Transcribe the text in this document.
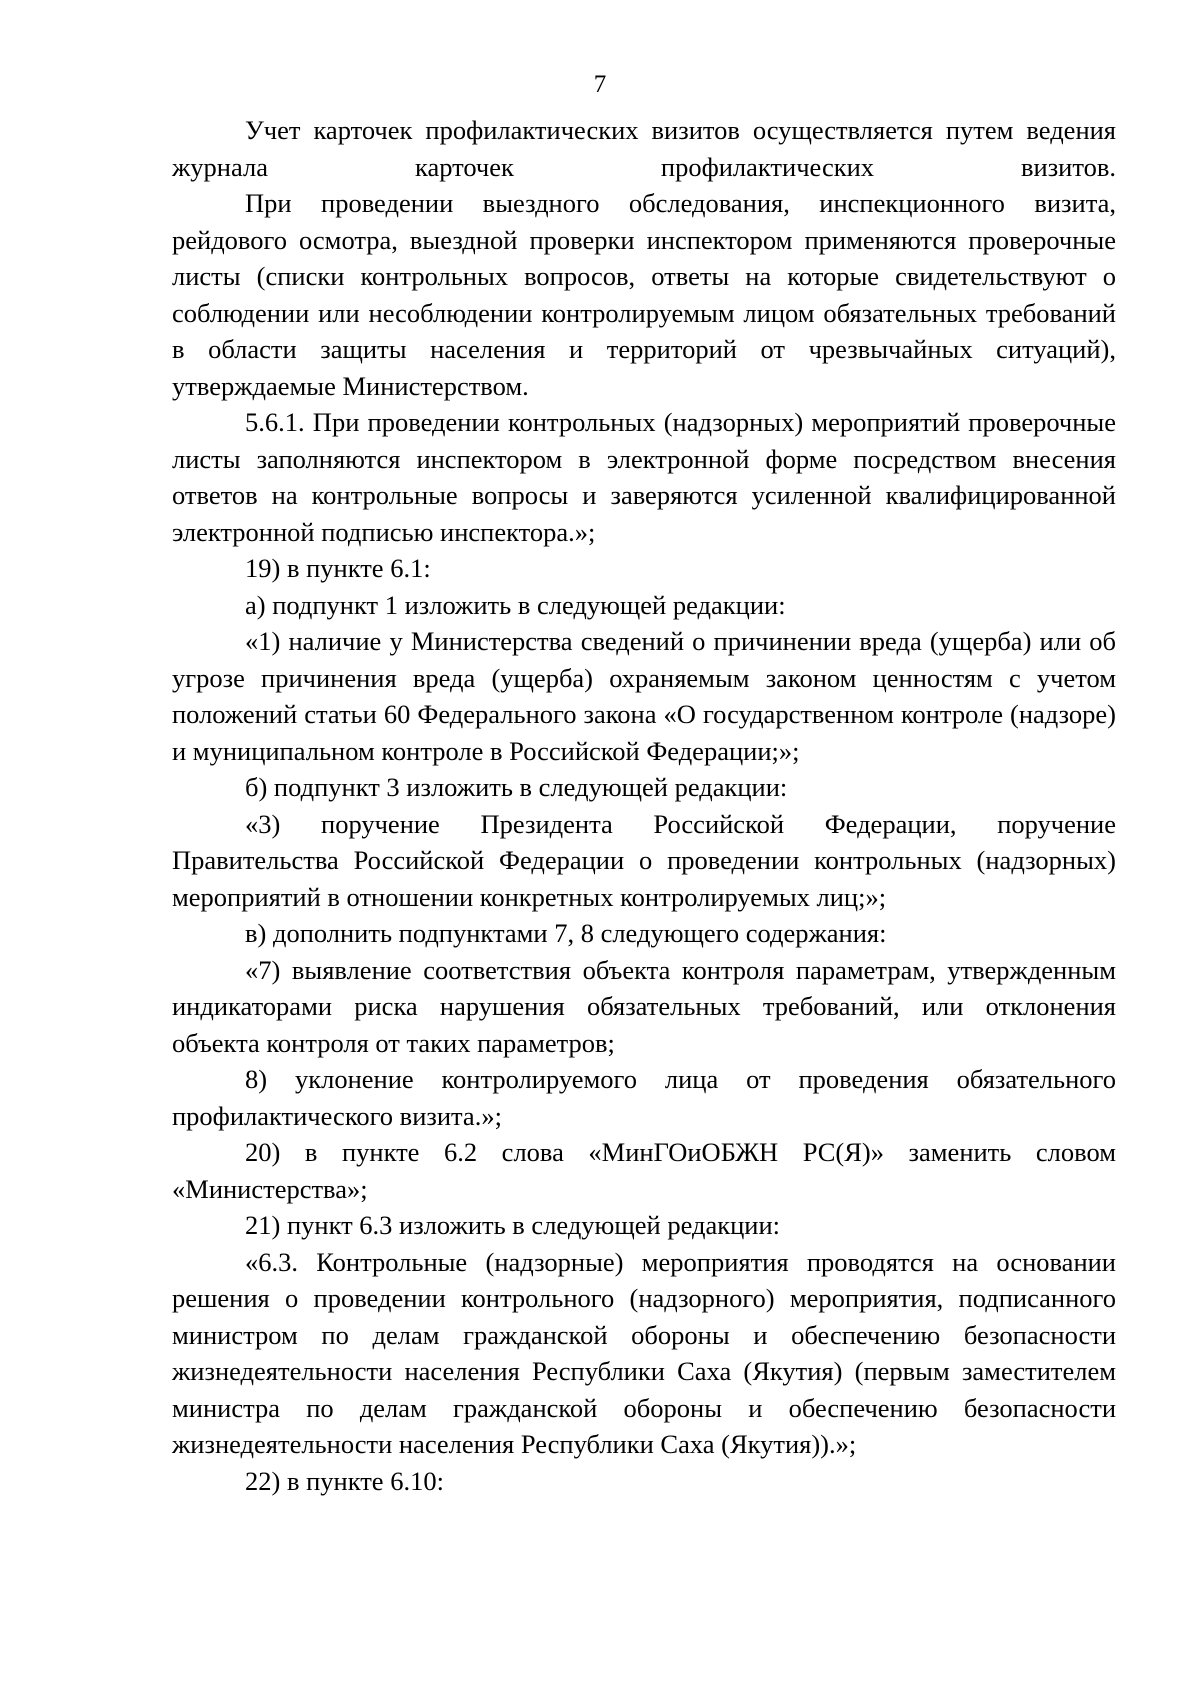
7

Учет карточек профилактических визитов осуществляется путем ведения журнала карточек профилактических визитов.

При проведении выездного обследования, инспекционного визита, рейдового осмотра, выездной проверки инспектором применяются проверочные листы (списки контрольных вопросов, ответы на которые свидетельствуют о соблюдении или несоблюдении контролируемым лицом обязательных требований в области защиты населения и территорий от чрезвычайных ситуаций), утверждаемые Министерством.

5.6.1. При проведении контрольных (надзорных) мероприятий проверочные листы заполняются инспектором в электронной форме посредством внесения ответов на контрольные вопросы и заверяются усиленной квалифицированной электронной подписью инспектора.»;

19) в пункте 6.1:

а) подпункт 1 изложить в следующей редакции:

«1) наличие у Министерства сведений о причинении вреда (ущерба) или об угрозе причинения вреда (ущерба) охраняемым законом ценностям с учетом положений статьи 60 Федерального закона «О государственном контроле (надзоре) и муниципальном контроле в Российской Федерации;»;

б) подпункт 3 изложить в следующей редакции:

«3) поручение Президента Российской Федерации, поручение Правительства Российской Федерации о проведении контрольных (надзорных) мероприятий в отношении конкретных контролируемых лиц;»;

в) дополнить подпунктами 7, 8 следующего содержания:

«7) выявление соответствия объекта контроля параметрам, утвержденным индикаторами риска нарушения обязательных требований, или отклонения объекта контроля от таких параметров;

8) уклонение контролируемого лица от проведения обязательного профилактического визита.»;

20) в пункте 6.2 слова «МинГОиОБЖН РС(Я)» заменить словом «Министерства»;

21) пункт 6.3 изложить в следующей редакции:

«6.3. Контрольные (надзорные) мероприятия проводятся на основании решения о проведении контрольного (надзорного) мероприятия, подписанного министром по делам гражданской обороны и обеспечению безопасности жизнедеятельности населения Республики Саха (Якутия) (первым заместителем министра по делам гражданской обороны и обеспечению безопасности жизнедеятельности населения Республики Саха (Якутия)).»;

22) в пункте 6.10:
